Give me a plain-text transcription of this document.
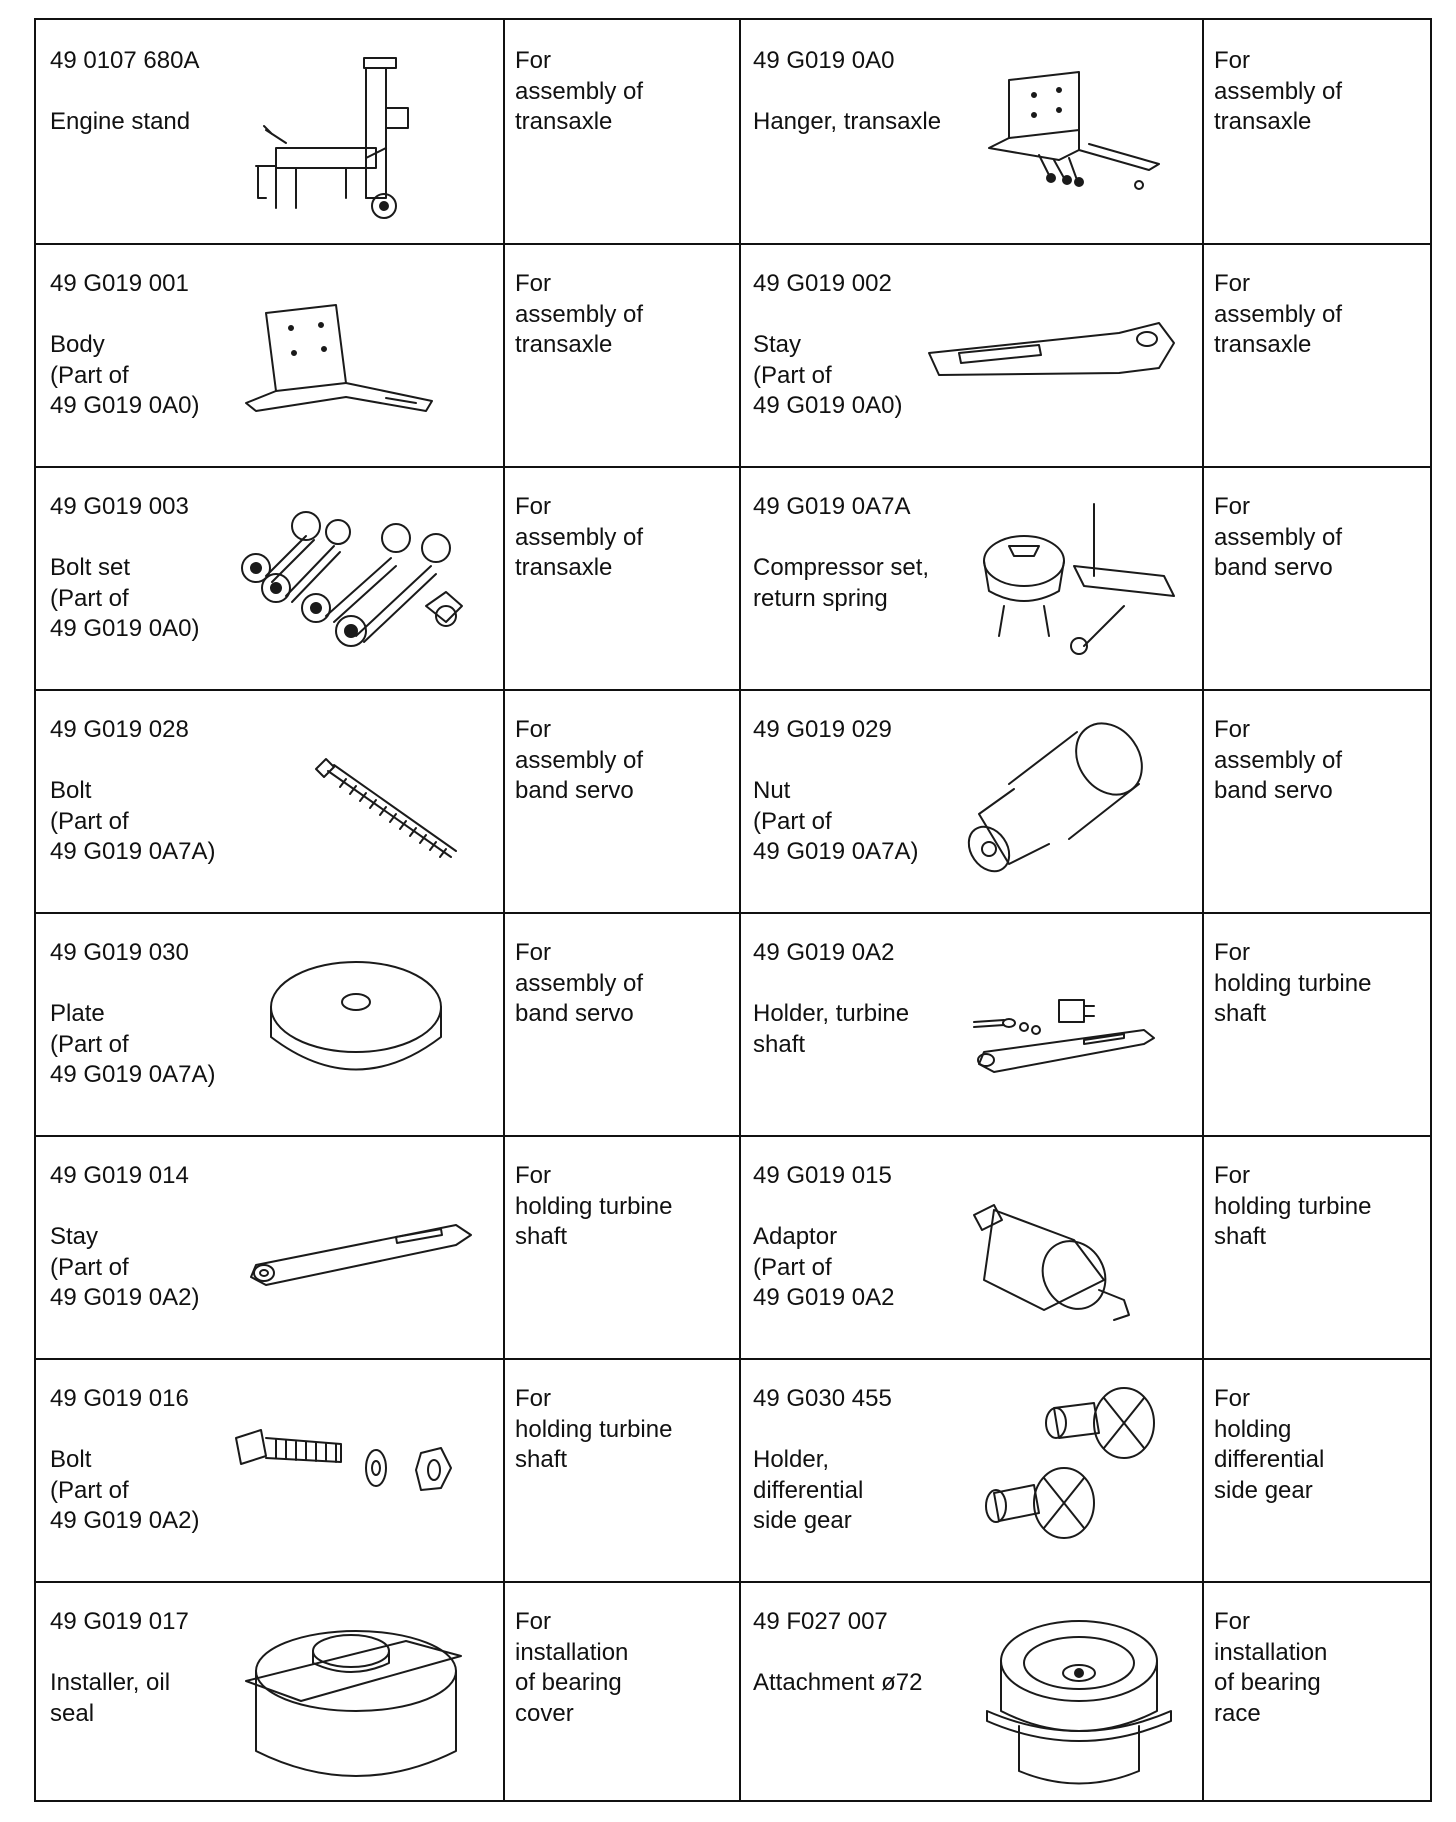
49 0107 680A
Engine stand
For
assembly of
transaxle
49 G019 0A0
Hanger, transaxle
For
assembly of
transaxle
49 G019 001
Body
(Part of
49 G019 0A0)
For
assembly of
transaxle
49 G019 002
Stay
(Part of
49 G019 0A0)
For
assembly of
transaxle
49 G019 003
Bolt set
(Part of
49 G019 0A0)
For
assembly of
transaxle
49 G019 0A7A
Compressor set,
return spring
For
assembly of
band servo
49 G019 028
Bolt
(Part of
49 G019 0A7A)
For
assembly of
band servo
49 G019 029
Nut
(Part of
49 G019 0A7A)
For
assembly of
band servo
49 G019 030
Plate
(Part of
49 G019 0A7A)
For
assembly of
band servo
49 G019 0A2
Holder, turbine
shaft
For
holding turbine
shaft
49 G019 014
Stay
(Part of
49 G019 0A2)
For
holding turbine
shaft
49 G019 015
Adaptor
(Part of
49 G019 0A2
For
holding turbine
shaft
49 G019 016
Bolt
(Part of
49 G019 0A2)
For
holding turbine
shaft
49 G030 455
Holder,
differential
side gear
For
holding
differential
side gear
49 G019 017
Installer, oil
seal
For
installation
of bearing
cover
49 F027 007
Attachment ø72
For
installation
of bearing
race
